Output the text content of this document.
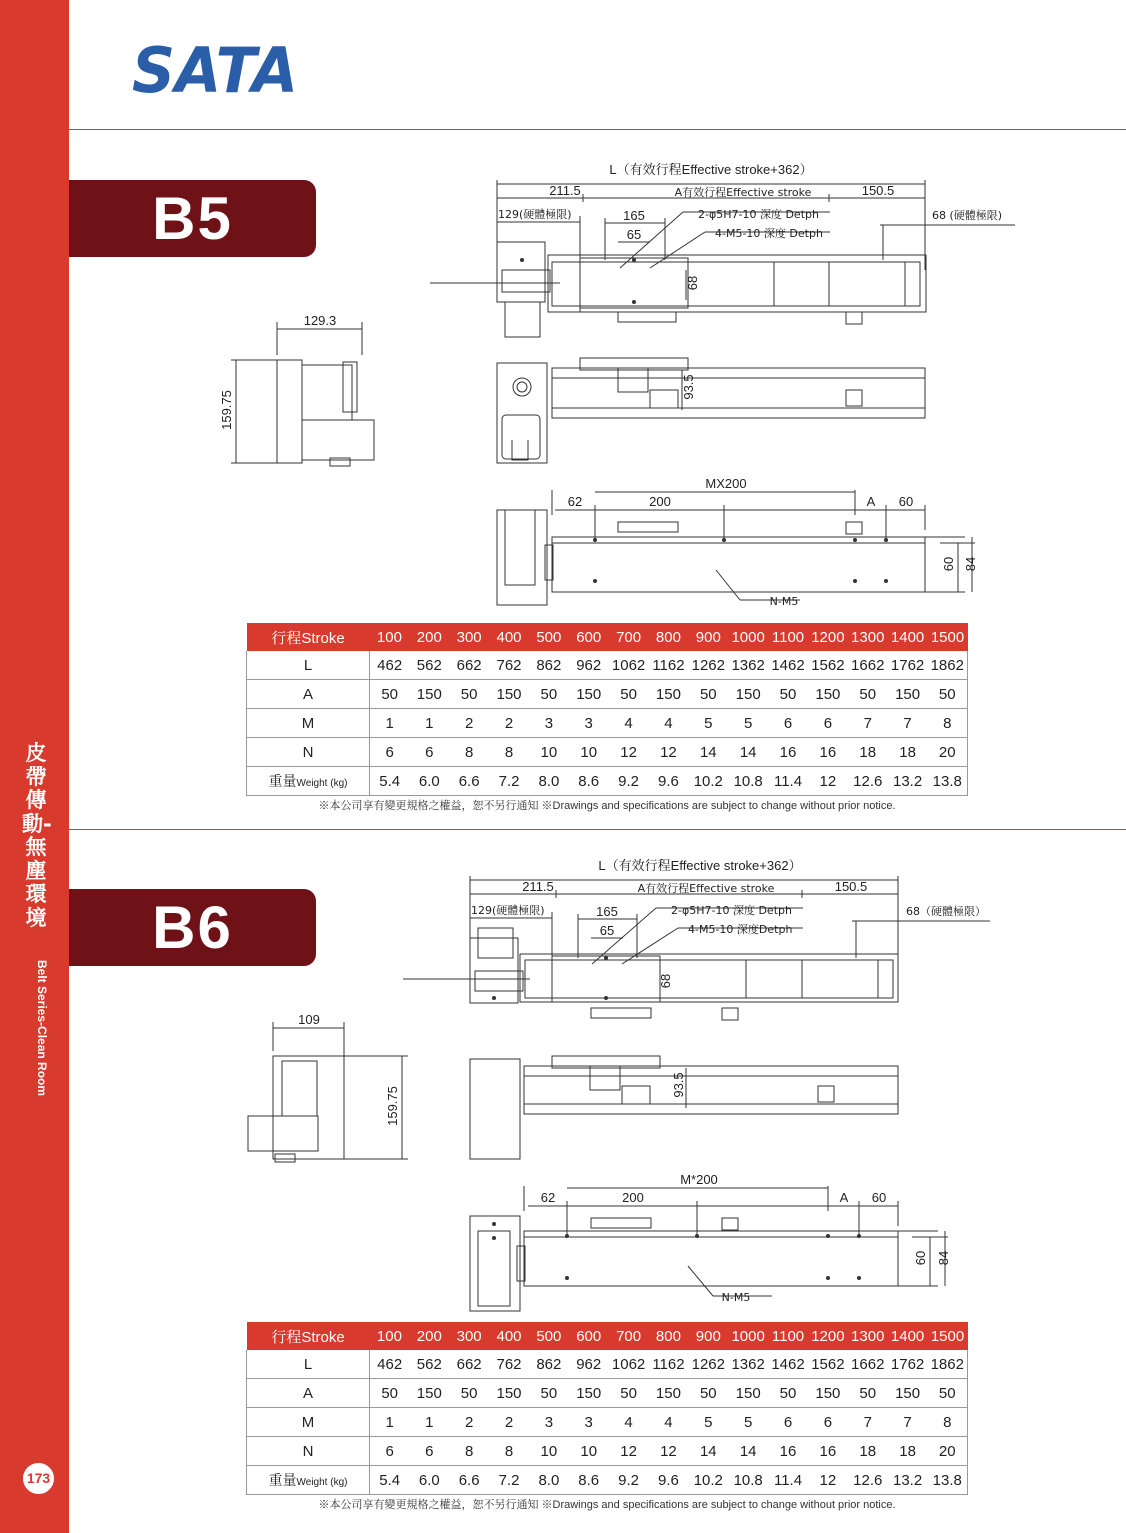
皮帶傳動-無塵環境
Belt Series-Clean Room
173
SATA
B5
L（有效行程Effective stroke+362）
211.5	A有效行程Effective stroke	150.5
129(硬體極限)	165
65
2-φ5H7-10 深度 Detph
4-M5-10 深度 Detph
68 (硬體極限)
68
129.3
159.75
93.5
MX200
62	200	A 60
60 84
N-M5
行程Stroke	100	200	300	400	500	600	700	800	900	1000	1100	1200	1300	1400	1500
L	462	562	662	762	862	962	1062	1162	1262	1362	1462	1562	1662	1762	1862
A	50	150	50	150	50	150	50	150	50	150	50	150	50	150	50
M	1	1	2	2	3	3	4	4	5	5	6	6	7	7	8
N	6	6	8	8	10	10	12	12	14	14	16	16	18	18	20
重量Weight (kg)	5.4	6.0	6.6	7.2	8.0	8.6	9.2	9.6	10.2	10.8	11.4	12	12.6	13.2	13.8
※本公司享有變更規格之權益，恕不另行通知 ※Drawings and specifications are subject to change without prior notice.
B6
L（有效行程Effective stroke+362）
211.5	A有效行程Effective stroke	150.5
129(硬體極限)	165
65
2-φ5H7-10 深度 Detph
4-M5-10 深度Detph
68（硬體極限）
68
109
159.75
93.5
M*200
62	200	A 60
60 84
N-M5
行程Stroke	100	200	300	400	500	600	700	800	900	1000	1100	1200	1300	1400	1500
L	462	562	662	762	862	962	1062	1162	1262	1362	1462	1562	1662	1762	1862
A	50	150	50	150	50	150	50	150	50	150	50	150	50	150	50
M	1	1	2	2	3	3	4	4	5	5	6	6	7	7	8
N	6	6	8	8	10	10	12	12	14	14	16	16	18	18	20
重量Weight (kg)	5.4	6.0	6.6	7.2	8.0	8.6	9.2	9.6	10.2	10.8	11.4	12	12.6	13.2	13.8
※本公司享有變更規格之權益，恕不另行通知 ※Drawings and specifications are subject to change without prior notice.
